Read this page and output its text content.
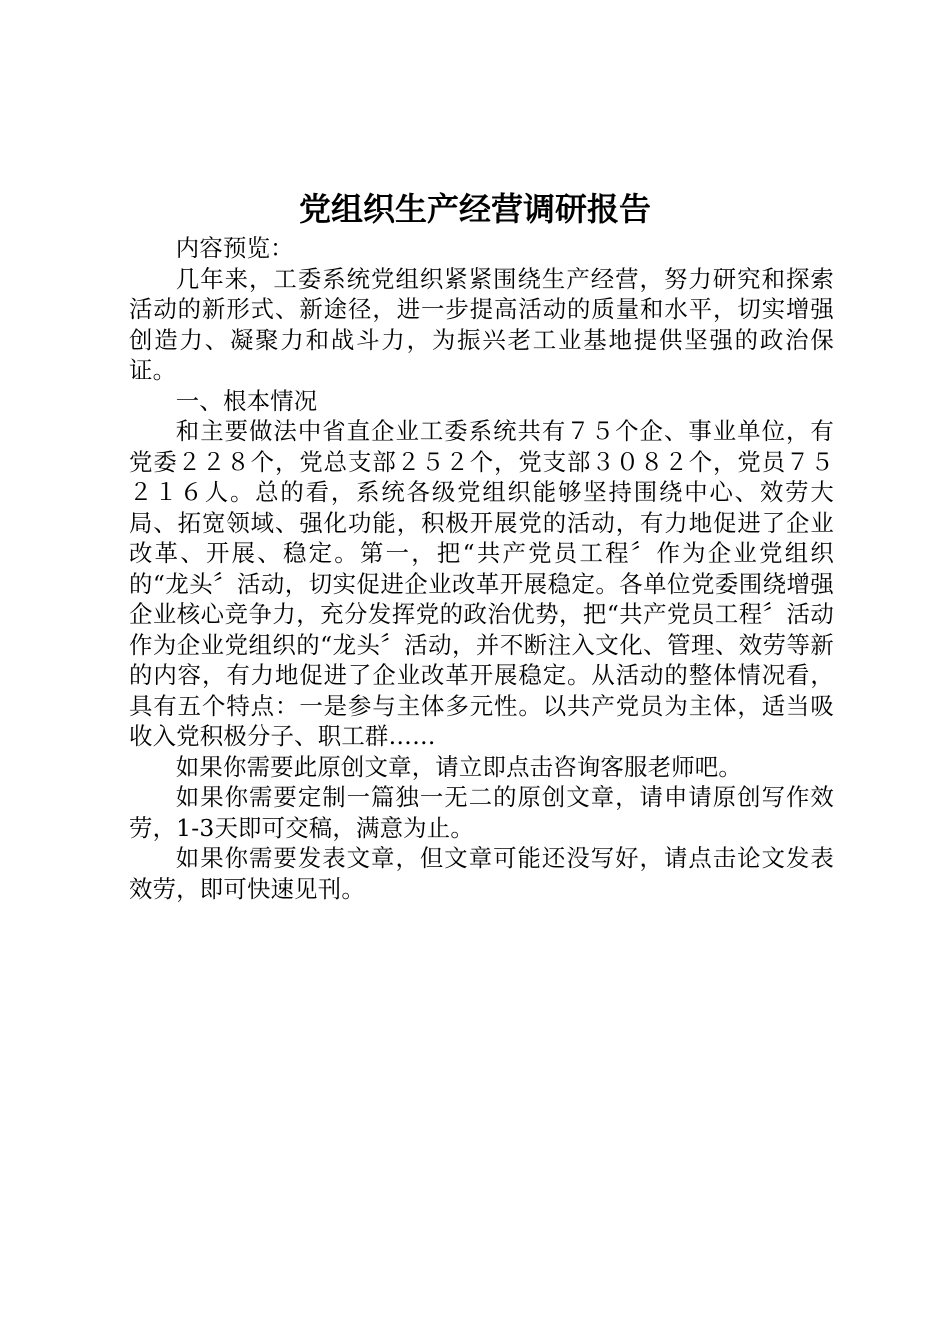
党组织生产经营调研报告

内容预览：

几年来，工委系统党组织紧紧围绕生产经营，努力研究和探索活动的新形式、新途径，进一步提高活动的质量和水平，切实增强创造力、凝聚力和战斗力，为振兴老工业基地提供坚强的政治保证。

一、根本情况

和主要做法中省直企业工委系统共有７５个企、事业单位，有党委２２８个，党总支部２５２个，党支部３０８２个，党员７５２１６人。总的看，系统各级党组织能够坚持围绕中心、效劳大局、拓宽领域、强化功能，积极开展党的活动，有力地促进了企业改革、开展、稳定。第一，把“共产党员工程〞作为企业党组织的“龙头〞活动，切实促进企业改革开展稳定。各单位党委围绕增强企业核心竞争力，充分发挥党的政治优势，把“共产党员工程〞活动作为企业党组织的“龙头〞活动，并不断注入文化、管理、效劳等新的内容，有力地促进了企业改革开展稳定。从活动的整体情况看，具有五个特点：一是参与主体多元性。以共产党员为主体，适当吸收入党积极分子、职工群……

如果你需要此原创文章，请立即点击咨询客服老师吧。

如果你需要定制一篇独一无二的原创文章，请申请原创写作效劳，1-3天即可交稿，满意为止。

如果你需要发表文章，但文章可能还没写好，请点击论文发表效劳，即可快速见刊。
